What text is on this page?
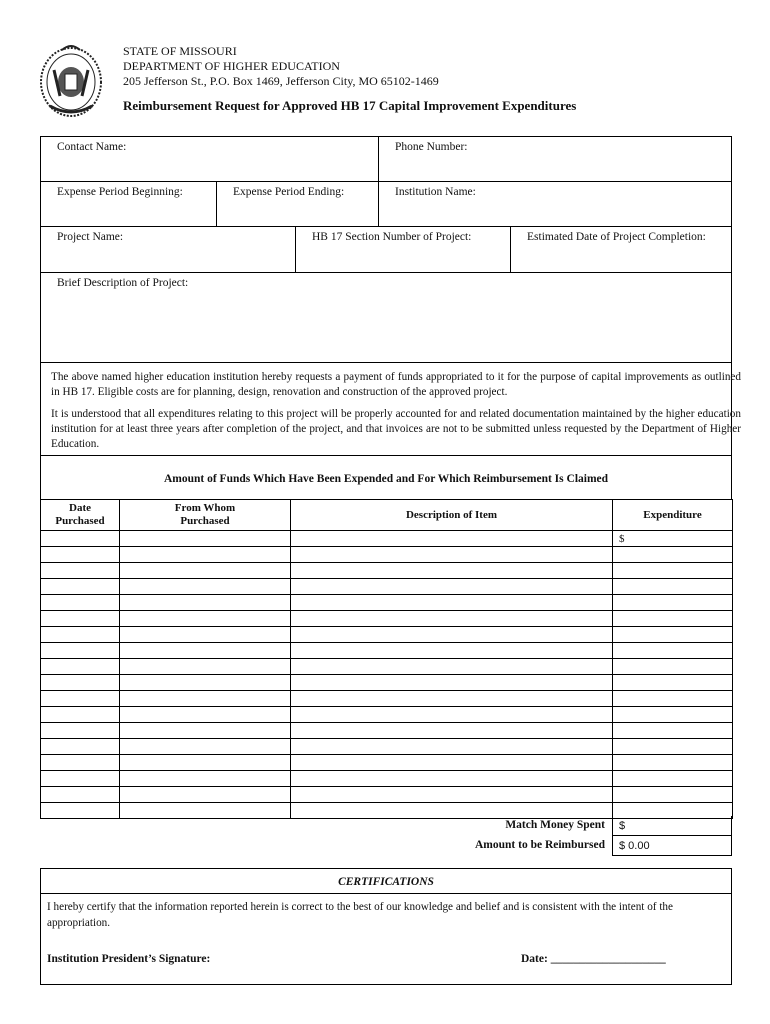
STATE OF MISSOURI
DEPARTMENT OF HIGHER EDUCATION
205 Jefferson St., P.O. Box 1469, Jefferson City, MO 65102-1469
Reimbursement Request for Approved HB 17 Capital Improvement Expenditures
Contact Name:	Phone Number:
Expense Period Beginning:	Expense Period Ending:	Institution Name:
Project Name:	HB 17 Section Number of Project:	Estimated Date of Project Completion:
Brief Description of Project:
The above named higher education institution hereby requests a payment of funds appropriated to it for the purpose of capital improvements as outlined in HB 17. Eligible costs are for planning, design, renovation and construction of the approved project.
It is understood that all expenditures relating to this project will be properly accounted for and related documentation maintained by the higher education institution for at least three years after completion of the project, and that invoices are not to be submitted unless requested by the Department of Higher Education.
Amount of Funds Which Have Been Expended and For Which Reimbursement Is Claimed
Date Purchased	From Whom Purchased	Description of Item	Expenditure
			$

Match Money Spent	$
Amount to be Reimbursed	$ 0.00
CERTIFICATIONS
I hereby certify that the information reported herein is correct to the best of our knowledge and belief and is consistent with the intent of the appropriation.
Institution President’s Signature:	Date: ____________________
